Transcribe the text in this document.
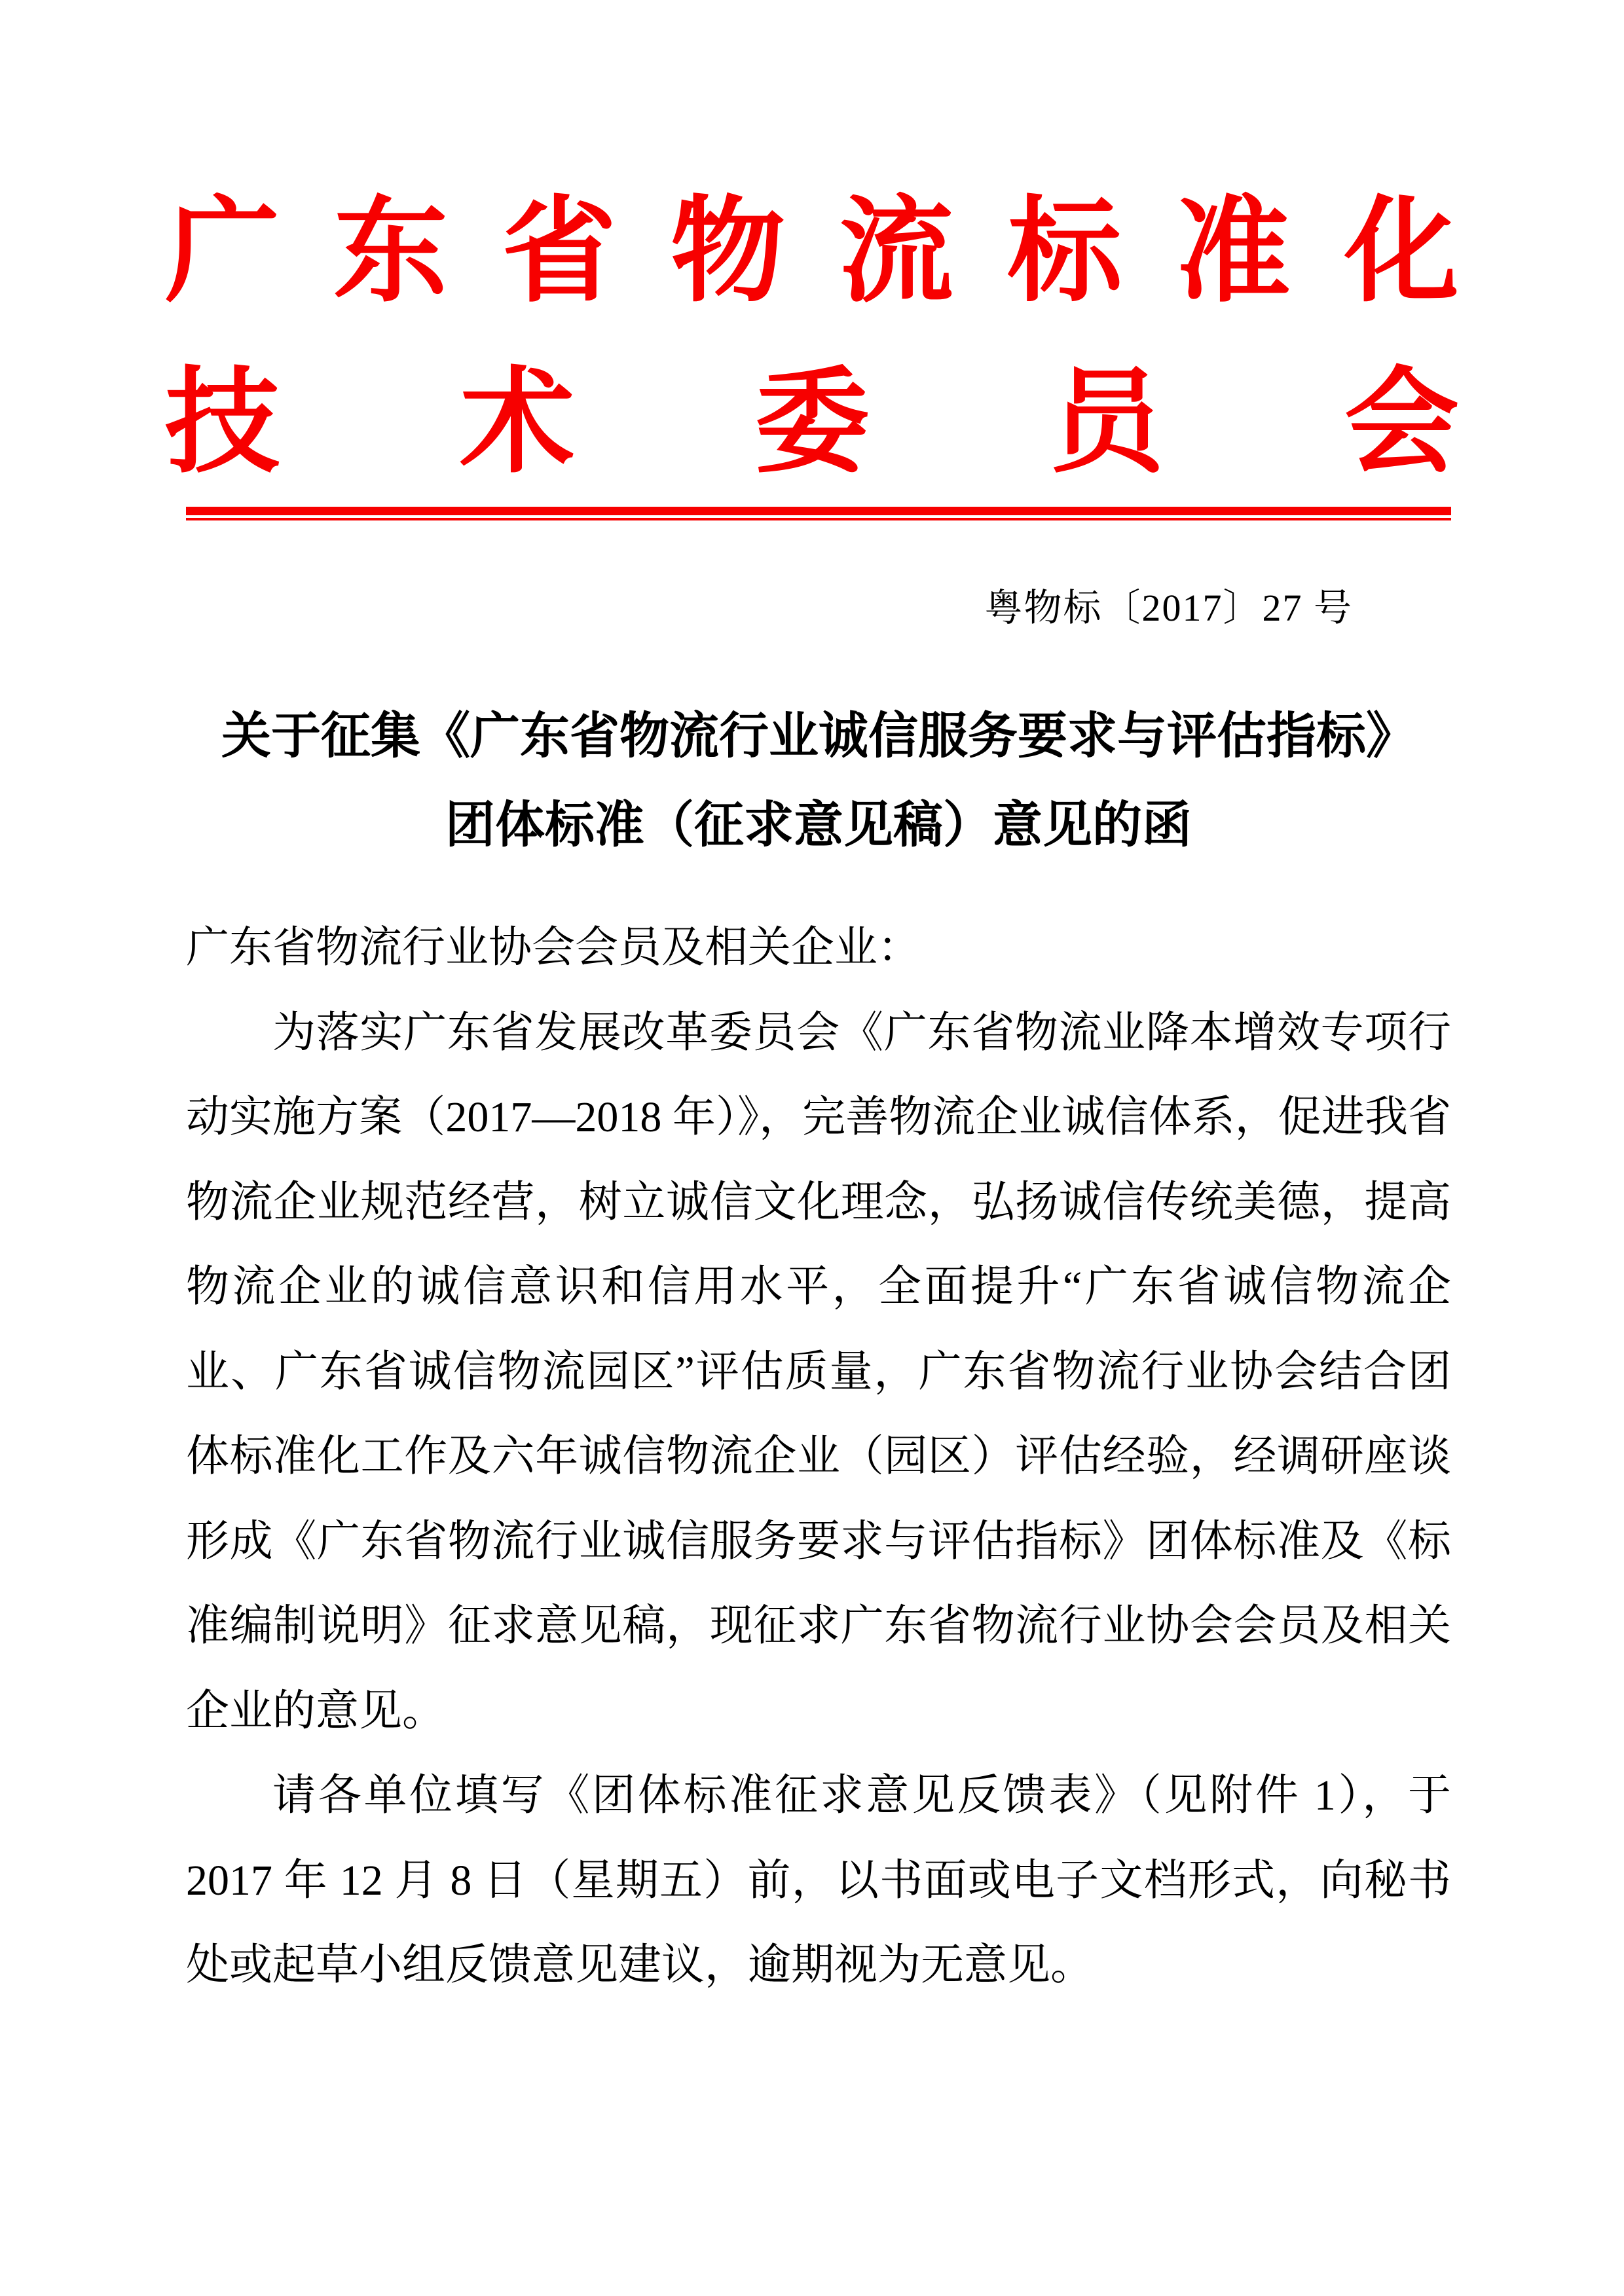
广 东 省 物 流 标 准 化
技 术 委 员 会
粤物标〔2017〕27 号
关于征集《广东省物流行业诚信服务要求与评估指标》
团体标准（征求意见稿）意见的函

广东省物流行业协会会员及相关企业：

为落实广东省发展改革委员会《广东省物流业降本增效专项行动实施方案（2017—2018 年）》，完善物流企业诚信体系，促进我省物流企业规范经营，树立诚信文化理念，弘扬诚信传统美德，提高物流企业的诚信意识和信用水平，全面提升“广东省诚信物流企业、广东省诚信物流园区”评估质量，广东省物流行业协会结合团体标准化工作及六年诚信物流企业（园区）评估经验，经调研座谈形成《广东省物流行业诚信服务要求与评估指标》团体标准及《标准编制说明》征求意见稿，现征求广东省物流行业协会会员及相关企业的意见。

请各单位填写《团体标准征求意见反馈表》（见附件 1），于 2017 年 12 月 8 日（星期五）前，以书面或电子文档形式，向秘书处或起草小组反馈意见建议，逾期视为无意见。
